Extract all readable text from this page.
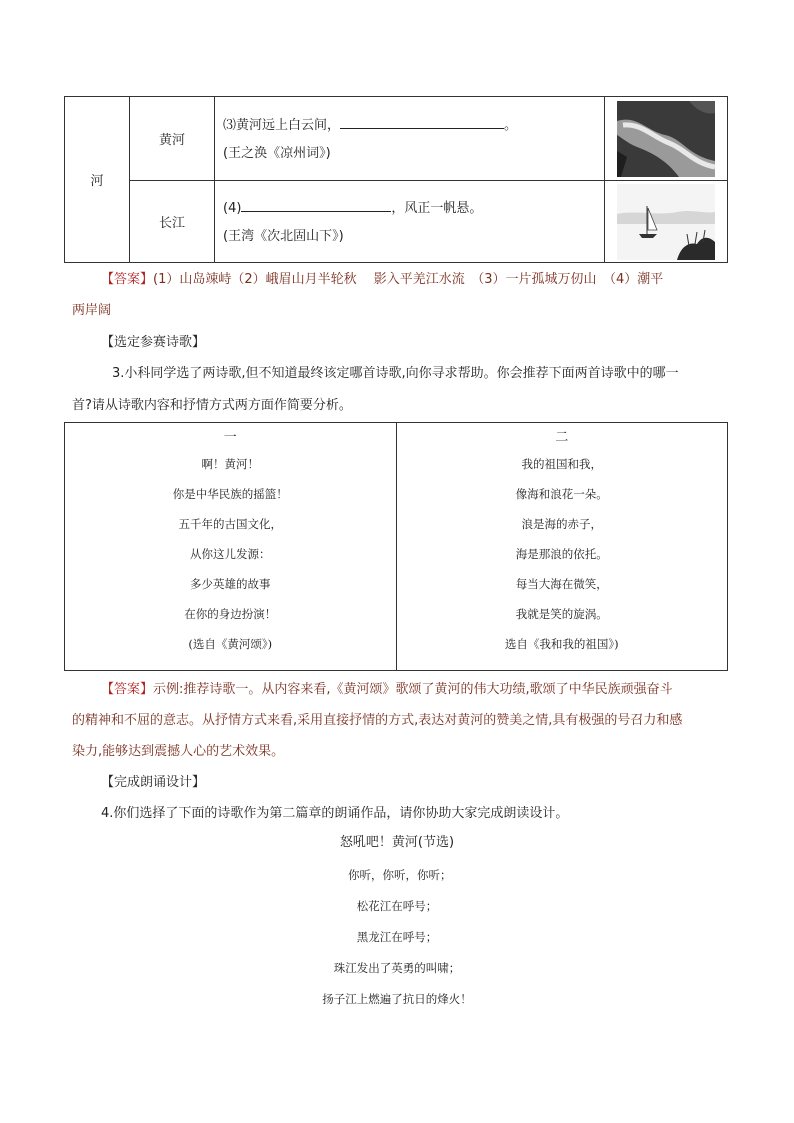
河	黄河	⑶黄河远上白云间， 。
(王之涣《凉州词》)

	长江	(4) ，风正一帆悬。
(王湾《次北固山下》)

【答案】(1）山岛竦峙（2）峨眉山月半轮秋　 影入平羌江水流　（3）一片孤城万仞山　（4）潮平
两岸阔
【选定参赛诗歌】
3.小科同学选了两诗歌,但不知道最终该定哪首诗歌,向你寻求帮助。你会推荐下面两首诗歌中的哪一
首?请从诗歌内容和抒情方式两方面作简要分析。
一
啊！黄河！
你是中华民族的摇篮！
五千年的古国文化，
从你这儿发源：
多少英雄的故事
在你的身边扮演！
(选自《黄河颂》)

二
我的祖国和我，
像海和浪花一朵。
浪是海的赤子，
海是那浪的依托。
每当大海在微笑，
我就是笑的旋涡。
选自《我和我的祖国》)
【答案】示例:推荐诗歌一。从内容来看,《黄河颂》歌颂了黄河的伟大功绩,歌颂了中华民族顽强奋斗
的精神和不屈的意志。从抒情方式来看,采用直接抒情的方式,表达对黄河的赞美之情,具有极强的号召力和感
染力,能够达到震撼人心的艺术效果。
【完成朗诵设计】
4.你们选择了下面的诗歌作为第二篇章的朗诵作品，请你协助大家完成朗读设计。
怒吼吧！黄河(节选)
你听，你听，你听；
松花江在呼号；
黑龙江在呼号；
珠江发出了英勇的叫啸；
扬子江上燃遍了抗日的烽火！
